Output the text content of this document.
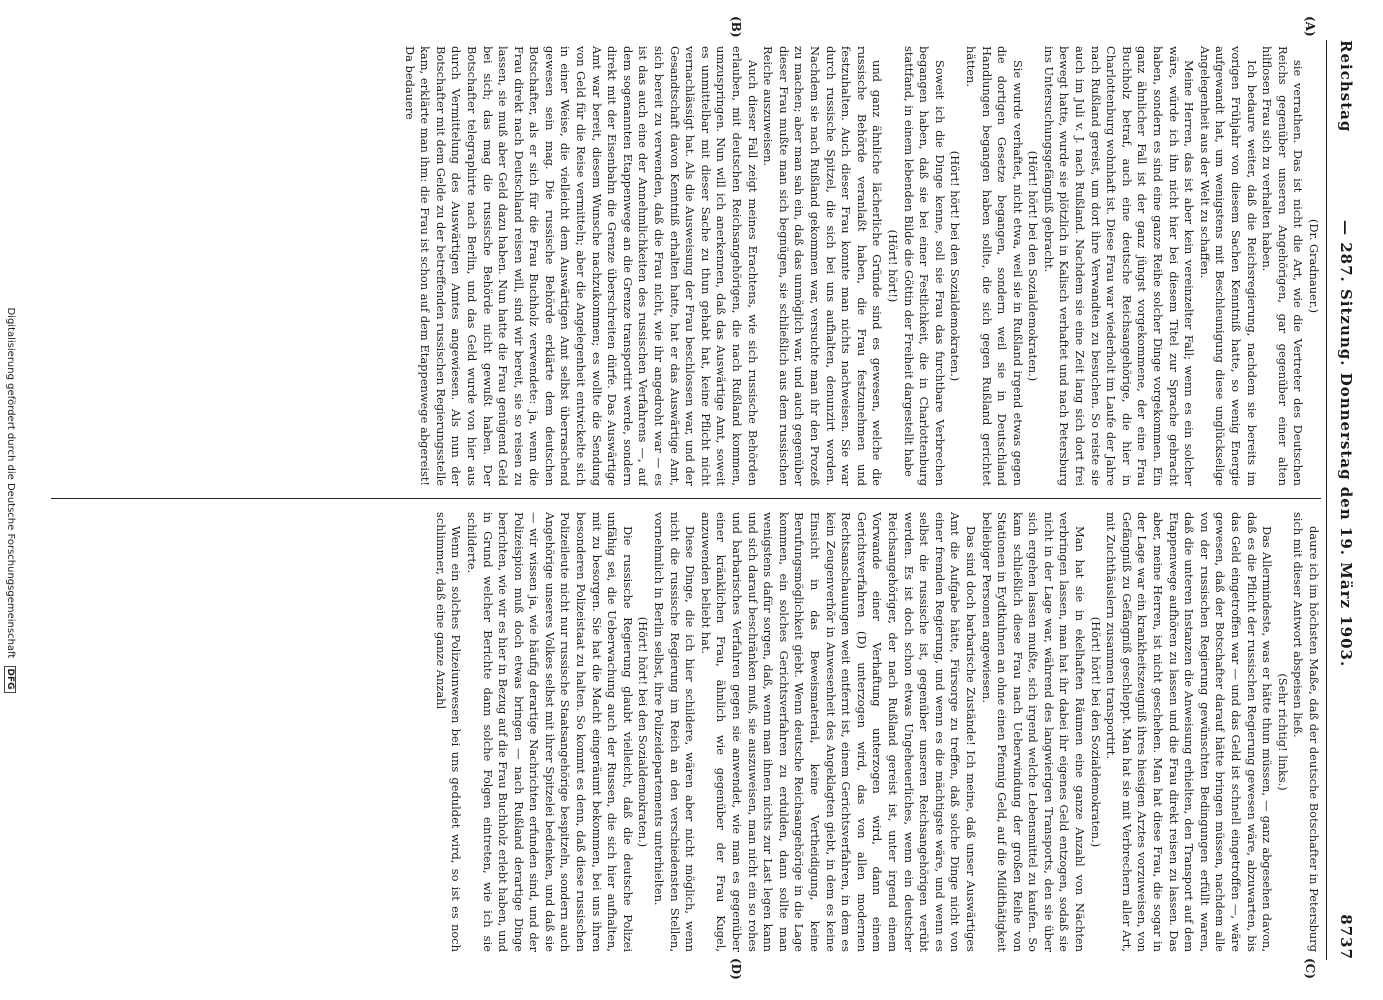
Reichstag
— 287. Sitzung. Donnerstag den 19. März 1903.
8737
(A)
(B)
(C)
(D)

(Dr. Gradnauer.)

sie verrathen. Das ist nicht die Art, wie die Vertreter des Deutschen Reichs gegenüber unseren Angehörigen, gar gegenüber einer alten hilflosen Frau sich zu verhalten haben.

Ich bedaure weiter, daß die Reichsregierung, nachdem sie bereits im vorigen Frühjahr von diesem Sachen Kenntniß hatte, so wenig Energie aufgewandt hat, um wenigstens mit Beschleunigung diese unglückselige Angelegenheit aus der Welt zu schaffen.

Meine Herren, das ist aber kein vereinzelter Fall; wenn es ein solcher wäre, würde ich ihn nicht hier bei diesem Titel zur Sprache gebracht haben, sondern es sind eine ganze Reihe solcher Dinge vorgekommen. Ein ganz ähnlicher Fall ist der ganz jüngst vorgekommene, der eine Frau Buchholz betraf, auch eine deutsche Reichsangehörige, die hier in Charlottenburg wohnhaft ist. Diese Frau war wiederholt im Laufe der Jahre nach Rußland gereist, um dort ihre Verwandten zu besuchen. So reiste sie auch im Juli v. J. nach Rußland. Nachdem sie eine Zeit lang sich dort frei bewegt hatte, wurde sie plötzlich in Kalisch verhaftet und nach Petersburg ins Untersuchungsgefängniß gebracht.

(Hört! hört! bei den Sozialdemokraten.)

Sie wurde verhaftet, nicht etwa, weil sie in Rußland irgend etwas gegen die dortigen Gesetze begangen, sondern weil sie in Deutschland Handlungen begangen haben sollte, die sich gegen Rußland gerichtet hätten.

(Hört! hört! bei den Sozialdemokraten.)

Soweit ich die Dinge kenne, soll sie Frau das furchtbare Verbrechen begangen haben, daß sie bei einer Festlichkeit, die in Charlottenburg stattfand, in einem lebenden Bilde die Göttin der Freiheit dargestellt habe

(Hört! hört!)

und ganz ähnliche lächerliche Gründe sind es gewesen, welche die russische Behörde veranlaßt haben, die Frau festzunehmen und festzuhalten. Auch dieser Frau konnte man nichts nachweisen. Sie war durch russische Spitzel, die sich bei uns aufhalten, denunzirt worden. Nachdem sie nach Rußland gekommen war, versuchte man ihr den Prozeß zu machen; aber man sah ein, daß das unmöglich war, und auch gegenüber dieser Frau mußte man sich begnügen, sie schließlich aus dem russischen Reiche auszuweisen.

Auch dieser Fall zeigt meines Erachtens, wie sich russische Behörden erlauben, mit deutschen Reichsangehörigen, die nach Rußland kommen, umzuspringen. Nun will ich anerkennen, daß das Auswärtige Amt, soweit es unmittelbar mit dieser Sache zu thun gehabt hat, keine Pflicht nicht vernachlässigt hat. Als die Ausweisung der Frau beschlossen war, und der Gesandtschaft davon Kenntniß erhalten hatte, hat er das Auswärtige Amt, sich bereit zu verwenden, daß die Frau nicht, wie ihr angedroht war — es ist das auch eine der Annehmlichkeiten des russischen Verfahrens —, auf dem sogenannten Etappenwege an die Grenze transportirt werde, sondern direkt mit der Eisenbahn die Grenze überschreiten dürfe. Das Auswärtige Amt war bereit, diesem Wunsche nachzukommen; es wollte die Sendung von Geld für die Reise vermitteln; aber die Angelegenheit entwickelte sich in einer Weise, die vielleicht dem Auswärtigen Amt selbst überraschend gewesen sein mag. Die russische Behörde erklärte dem deutschen Botschafter, als er sich für die Frau Buchholz verwendete: ja, wenn die Frau direkt nach Deutschland reisen will, sind wir bereit, sie so reisen zu lassen, sie muß aber Geld dazu haben. Nun hatte die Frau genügend Geld bei sich; das mag die russische Behörde nicht gewußt haben. Der Botschafter telegraphirte nach Berlin, und das Geld wurde von hier aus durch Vermittelung des Auswärtigen Amtes angewiesen. Als nun der Botschafter mit dem Gelde zu der betreffenden russischen Regierungsstelle kam, erklärte man ihm: die Frau ist schon auf dem Etappenwege abgereist! Da bedauere

daure ich im höchsten Maße, daß der deutsche Botschafter in Petersburg sich mit dieser Antwort abspeisen ließ.

(Sehr richtig! links.)

Das Allermindeste, was er hätte thun müssen, — ganz abgesehen davon, daß es die Pflicht der russischen Regierung gewesen wäre, abzuwarten, bis das Geld eingetroffen war — und das Geld ist schnell eingetroffen —, wäre gewesen, daß der Botschafter darauf hätte bringen müssen, nachdem alle von der russischen Regierung gewünschten Bedingungen erfüllt waren, daß die unteren Instanzen die Anweisung erhielten, den Transport auf dem Etappenwege aufhören zu lassen und die Frau direkt reisen zu lassen. Das aber, meine Herren, ist nicht geschehen. Man hat diese Frau, die sogar in der Lage war ein krankheitszeugniß ihres hiesigen Arztes vorzuweisen, von Gefängniß zu Gefängniß geschleppt. Man hat sie mit Verbrechern aller Art, mit Zuchthäuslern zusammen transportirt.

(Hört! hört! bei den Sozialdemokraten.)

Man hat sie in ekelhaften Räumen eine ganze Anzahl von Nächten verbringen lassen, man hat ihr dabei ihr eigenes Geld entzogen, sodaß sie nicht in der Lage war, während des langwierigen Transports, den sie über sich ergehen lassen mußte, sich irgend welche Lebensmittel zu kaufen. So kam schließlich diese Frau nach Ueberwindung der großen Reihe von Stationen in Eydtkuhnen an ohne einen Pfennig Geld, auf die Mildthätigkeit beliebiger Personen angewiesen.

Das sind doch barbarische Zustände! Ich meine, daß unser Auswärtiges Amt die Aufgabe hätte, Fürsorge zu treffen, daß solche Dinge nicht von einer fremden Regierung, und wenn es die mächtigste wäre, und wenn es selbst die russische ist, gegenüber unseren Reichsangehörigen verübt werden. Es ist doch schon etwas Ungeheuerliches, wenn ein deutscher Reichsangehöriger, der nach Rußland gereist ist, unter irgend einem Vorwande einer Verhaftung unterzogen wird, dann einem Gerichtsverfahren (D) unterzogen wird, das von allen modernen Rechtsanschauungen weit entfernt ist, einem Gerichtsverfahren, in dem es kein Zeugenverhör in Anwesenheit des Angeklagten giebt, in dem es keine Einsicht in das Beweismaterial, keine Vertheidigung, keine Berufungsmöglichkeit giebt. Wenn deutsche Reichsangehörige in die Lage kommen, ein solches Gerichtsverfahren zu erdulden, dann sollte man wenigstens dafür sorgen, daß, wenn man ihnen nichts zur Last legen kann und sich darauf beschränken muß, sie auszuweisen, man nicht ein so rohes und barbarisches Verfahren gegen sie anwendet, wie man es gegenüber einer kränklichen Frau, ähnlich wie gegenüber der Frau Kugel, anzuwenden beliebt hat.

Diese Dinge, die ich hier schildere, wären aber nicht möglich, wenn nicht die russische Regierung im Reich an den verschiedensten Stellen, vornehmlich in Berlin selbst, ihre Polizeidepartements unterhielten.

(Hört! hört! bei den Sozialdemokraten.)

Die russische Regierung glaubt vielleicht, daß die deutsche Polizei unfähig sei, die Ueberwachung auch der Russen, die sich hier aufhalten, mit zu besorgen. Sie hat die Macht eingeräumt bekommen, bei uns ihren besonderen Polizeistaat zu halten. So kommt es denn, daß diese russischen Polizeileute nicht nur russische Staatsangehörige bespitzeln, sondern auch Angehörige unseres Volkes selbst mit ihrer Spitzelei bedenken, und daß sie — wir wissen ja, wie häufig derartige Nachrichten erfunden sind, und der Polizeispion muß doch etwas bringen — nach Rußland derartige Dinge berichten, wie wir es hier in Bezug auf die Frau Buchholz erlebt haben, und in Grund welcher Berichte dann solche Folgen eintreten, wie ich sie schilderte.

Wenn ein solches Polizeiunwesen bei uns geduldet wird, so ist es noch schlimmer, daß eine ganze Anzahl

Digitalisierung gefördert durch die Deutsche Forschungsgemeinschaft DFG
